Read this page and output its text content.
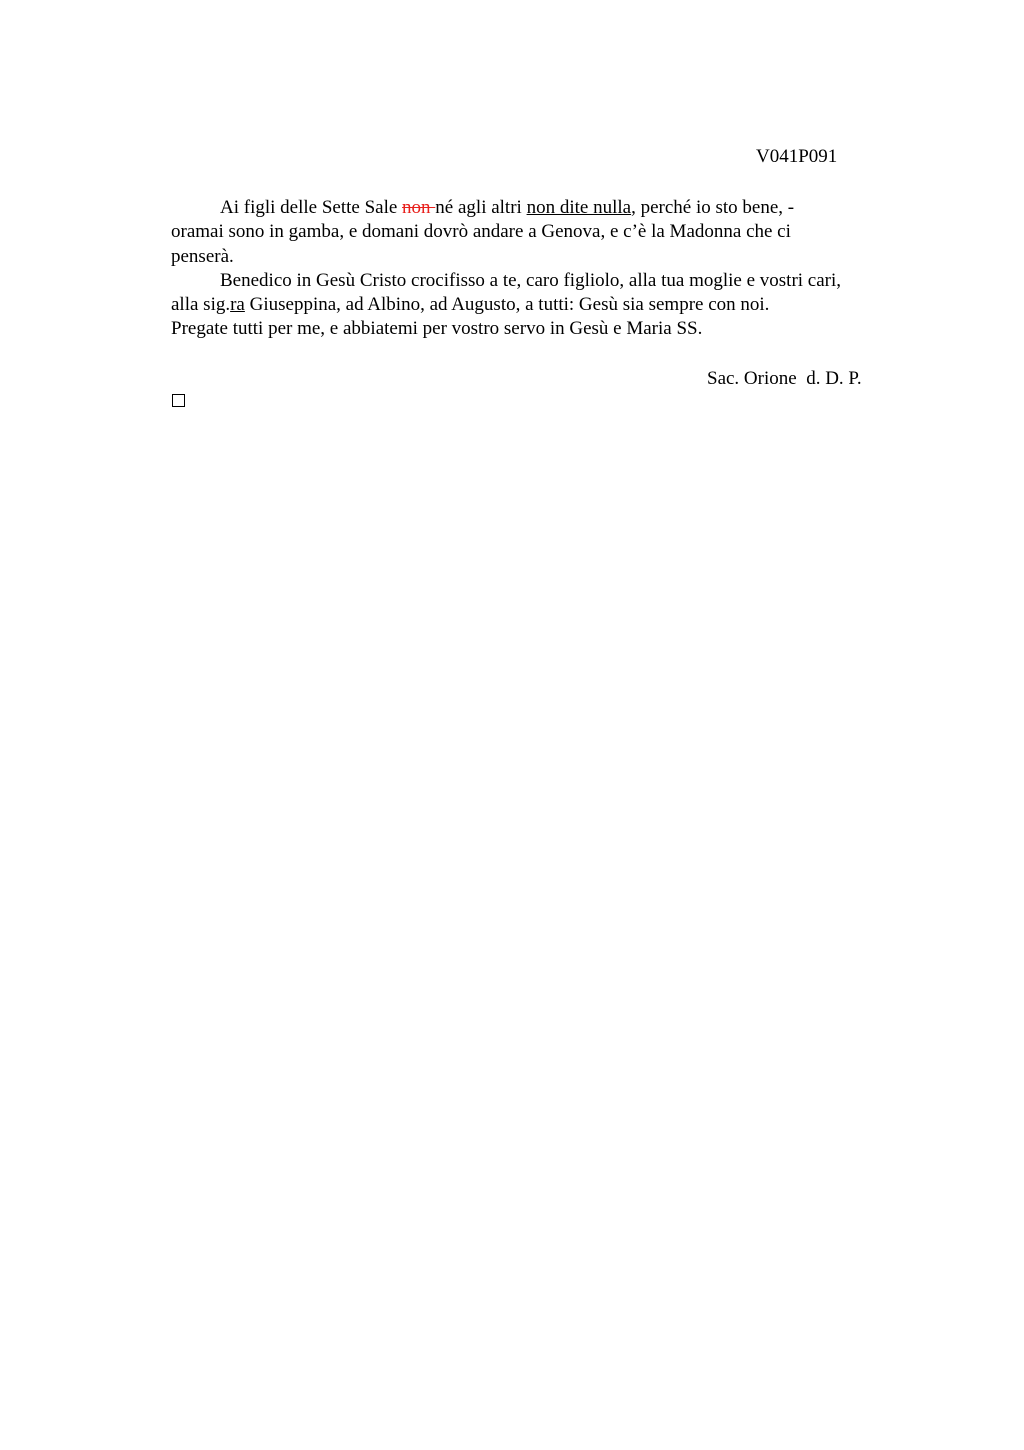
V041P091
Ai figli delle Sette Sale non né agli altri non dite nulla, perché io sto bene, -
oramai sono in gamba, e domani dovrò andare a Genova, e c’è la Madonna che ci
penserà.
Benedico in Gesù Cristo crocifisso a te, caro figliolo, alla tua moglie e vostri cari,
alla sig.ra Giuseppina, ad Albino, ad Augusto, a tutti: Gesù sia sempre con noi.
Pregate tutti per me, e abbiatemi per vostro servo in Gesù e Maria SS.
Sac. Orione  d. D. P.
